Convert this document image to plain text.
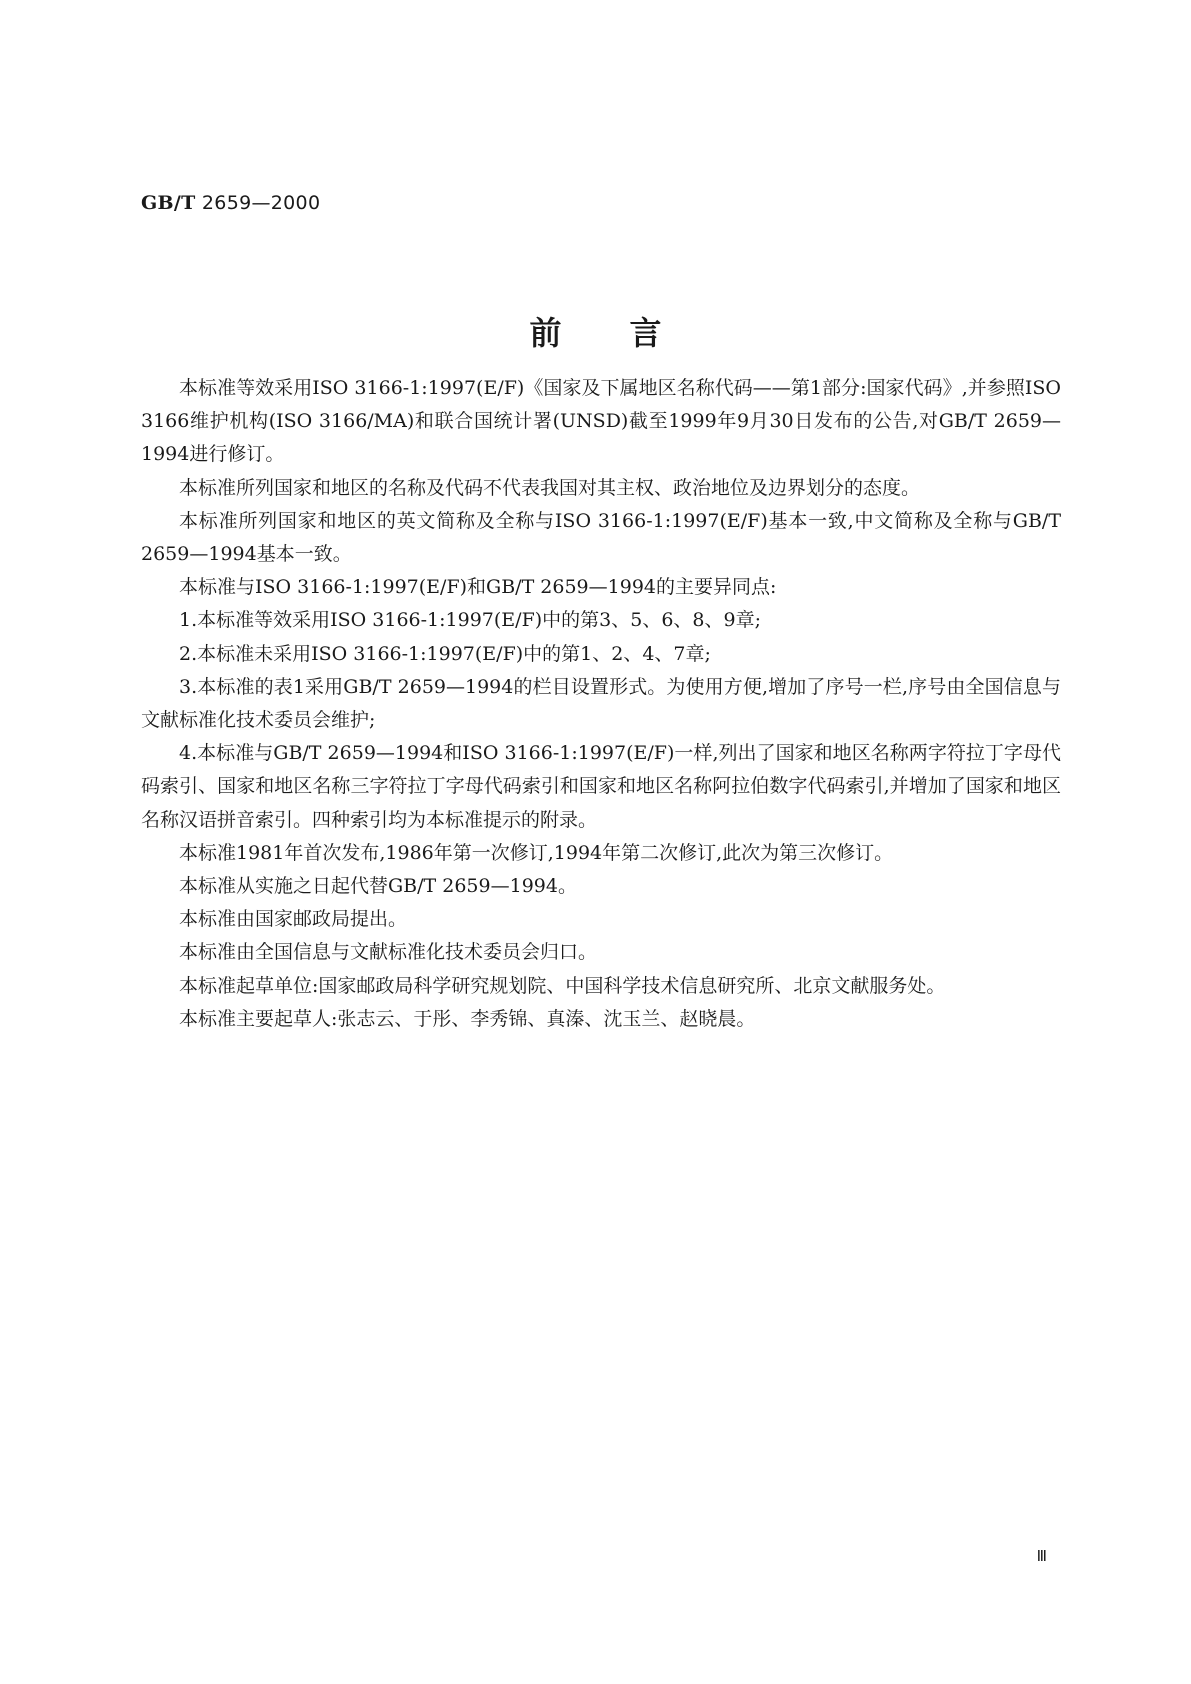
GB/T 2659—2000
前言

本标准等效采用ISO 3166-1:1997(E/F)《国家及下属地区名称代码——第1部分:国家代码》,并参照ISO 3166维护机构(ISO 3166/MA)和联合国统计署(UNSD)截至1999年9月30日发布的公告,对GB/T 2659—1994进行修订。

本标准所列国家和地区的名称及代码不代表我国对其主权、政治地位及边界划分的态度。

本标准所列国家和地区的英文简称及全称与ISO 3166-1:1997(E/F)基本一致,中文简称及全称与GB/T 2659—1994基本一致。

本标准与ISO 3166-1:1997(E/F)和GB/T 2659—1994的主要异同点:

1.本标准等效采用ISO 3166-1:1997(E/F)中的第3、5、6、8、9章;

2.本标准未采用ISO 3166-1:1997(E/F)中的第1、2、4、7章;

3.本标准的表1采用GB/T 2659—1994的栏目设置形式。为使用方便,增加了序号一栏,序号由全国信息与文献标准化技术委员会维护;

4.本标准与GB/T 2659—1994和ISO 3166-1:1997(E/F)一样,列出了国家和地区名称两字符拉丁字母代码索引、国家和地区名称三字符拉丁字母代码索引和国家和地区名称阿拉伯数字代码索引,并增加了国家和地区名称汉语拼音索引。四种索引均为本标准提示的附录。

本标准1981年首次发布,1986年第一次修订,1994年第二次修订,此次为第三次修订。

本标准从实施之日起代替GB/T 2659—1994。

本标准由国家邮政局提出。

本标准由全国信息与文献标准化技术委员会归口。

本标准起草单位:国家邮政局科学研究规划院、中国科学技术信息研究所、北京文献服务处。

本标准主要起草人:张志云、于彤、李秀锦、真溱、沈玉兰、赵晓晨。

Ⅲ
